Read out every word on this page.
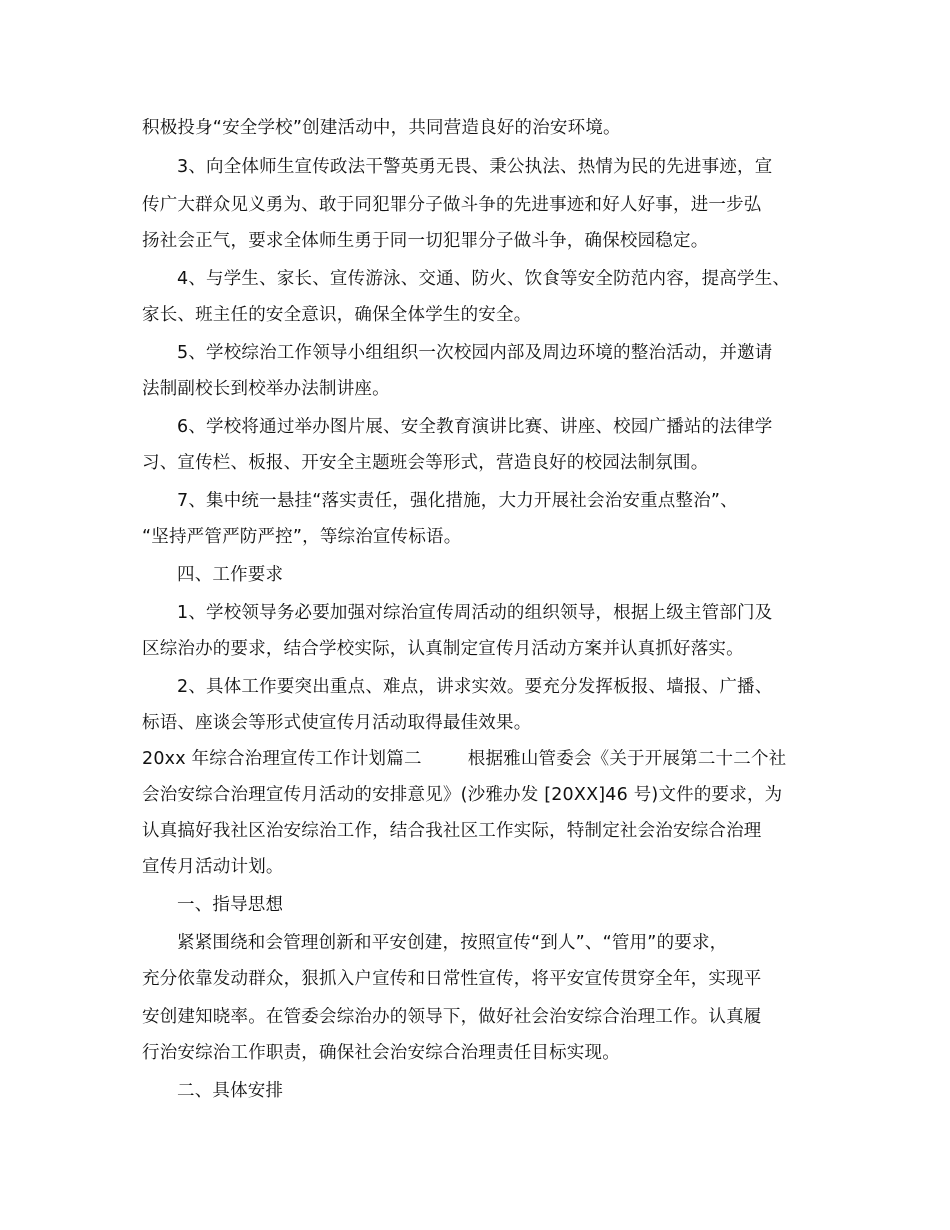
积极投身“安全学校”创建活动中，共同营造良好的治安环境。
3、向全体师生宣传政法干警英勇无畏、秉公执法、热情为民的先进事迹，宣
传广大群众见义勇为、敢于同犯罪分子做斗争的先进事迹和好人好事，进一步弘
扬社会正气，要求全体师生勇于同一切犯罪分子做斗争，确保校园稳定。
4、与学生、家长、宣传游泳、交通、防火、饮食等安全防范内容，提高学生、
家长、班主任的安全意识，确保全体学生的安全。
5、学校综治工作领导小组组织一次校园内部及周边环境的整治活动，并邀请
法制副校长到校举办法制讲座。
6、学校将通过举办图片展、安全教育演讲比赛、讲座、校园广播站的法律学
习、宣传栏、板报、开安全主题班会等形式，营造良好的校园法制氛围。
7、集中统一悬挂“落实责任，强化措施，大力开展社会治安重点整治”、
“坚持严管严防严控”，等综治宣传标语。
四、工作要求
1、学校领导务必要加强对综治宣传周活动的组织领导，根据上级主管部门及
区综治办的要求，结合学校实际，认真制定宣传月活动方案并认真抓好落实。
2、具体工作要突出重点、难点，讲求实效。要充分发挥板报、墙报、广播、
标语、座谈会等形式使宣传月活动取得最佳效果。
20xx 年综合治理宣传工作计划篇二        根据雅山管委会《关于开展第二十二个社
会治安综合治理宣传月活动的安排意见》(沙雅办发 [20XX]46 号)文件的要求，为
认真搞好我社区治安综治工作，结合我社区工作实际，特制定社会治安综合治理
宣传月活动计划。
一、指导思想
紧紧围绕和会管理创新和平安创建，按照宣传“到人”、“管用”的要求，
充分依靠发动群众，狠抓入户宣传和日常性宣传，将平安宣传贯穿全年，实现平
安创建知晓率。在管委会综治办的领导下，做好社会治安综合治理工作。认真履
行治安综治工作职责，确保社会治安综合治理责任目标实现。
二、具体安排
